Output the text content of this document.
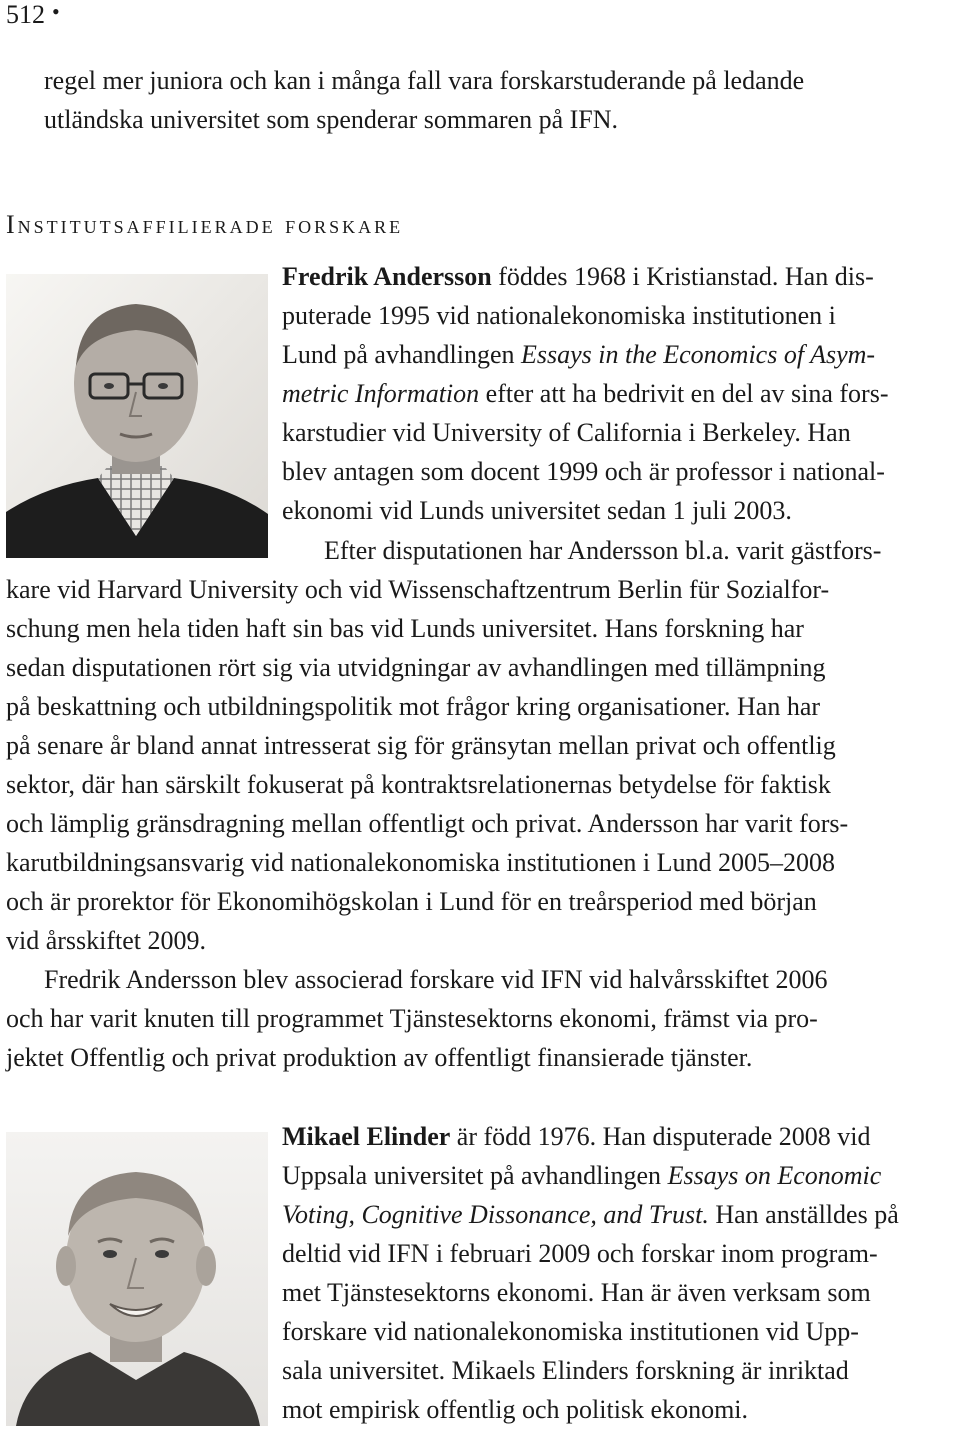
512 •
regel mer juniora och kan i många fall vara forskarstuderande på ledande
utländska universitet som spenderar sommaren på IFN.
Institutsaffilierade forskare
Fredrik Andersson föddes 1968 i Kristianstad. Han dis-
puterade 1995 vid nationalekonomiska institutionen i
Lund på avhandlingen Essays in the Economics of Asym-
metric Information efter att ha bedrivit en del av sina fors-
karstudier vid University of California i Berkeley. Han
blev antagen som docent 1999 och är professor i national-
ekonomi vid Lunds universitet sedan 1 juli 2003.
Efter disputationen har Andersson bl.a. varit gästfors-
kare vid Harvard University och vid Wissenschaftzentrum Berlin für Sozialfor-
schung men hela tiden haft sin bas vid Lunds universitet. Hans forskning har
sedan disputationen rört sig via utvidgningar av avhandlingen med tillämpning
på beskattning och utbildningspolitik mot frågor kring organisationer. Han har
på senare år bland annat intresserat sig för gränsytan mellan privat och offentlig
sektor, där han särskilt fokuserat på kontraktsrelationernas betydelse för faktisk
och lämplig gränsdragning mellan offentligt och privat. Andersson har varit fors-
karutbildningsansvarig vid nationalekonomiska institutionen i Lund 2005–2008
och är prorektor för Ekonomihögskolan i Lund för en treårsperiod med början
vid årsskiftet 2009.
Fredrik Andersson blev associerad forskare vid IFN vid halvårsskiftet 2006
och har varit knuten till programmet Tjänstesektorns ekonomi, främst via pro-
jektet Offentlig och privat produktion av offentligt finansierade tjänster.
Mikael Elinder är född 1976. Han disputerade 2008 vid
Uppsala universitet på avhandlingen Essays on Economic
Voting, Cognitive Dissonance, and Trust. Han anställdes på
deltid vid IFN i februari 2009 och forskar inom program-
met Tjänstesektorns ekonomi. Han är även verksam som
forskare vid nationalekonomiska institutionen vid Upp-
sala universitet. Mikaels Elinders forskning är inriktad
mot empirisk offentlig och politisk ekonomi.
